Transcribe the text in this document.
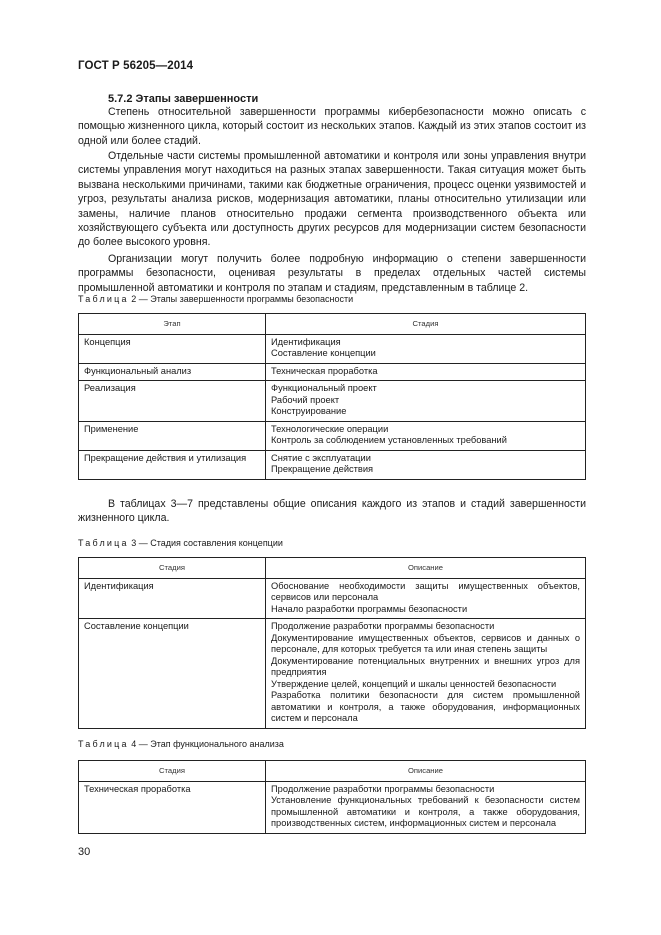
ГОСТ Р 56205—2014
5.7.2 Этапы завершенности

Степень относительной завершенности программы кибербезопасности можно описать с помощью жизненного цикла, который состоит из нескольких этапов. Каждый из этих этапов состоит из одной или более стадий.

Отдельные части системы промышленной автоматики и контроля или зоны управления внутри системы управления могут находиться на разных этапах завершенности. Такая ситуация может быть вызвана несколькими причинами, такими как бюджетные ограничения, процесс оценки уязвимостей и угроз, результаты анализа рисков, модернизация автоматики, планы относительно утилизации или замены, наличие планов относительно продажи сегмента производственного объекта или хозяйствующего субъекта или доступность других ресурсов для модернизации систем безопасности до более высокого уровня.

Организации могут получить более подробную информацию о степени завершенности программы безопасности, оценивая результаты в пределах отдельных частей системы промышленной автоматики и контроля по этапам и стадиям, представленным в таблице 2.

Таблица 2 — Этапы завершенности программы безопасности
Этап	Стадия
Концепция	Идентификация
Составление концепции

Функциональный анализ	Техническая проработка

Реализация	Функциональный проект
Рабочий проект
Конструирование

Применение	Технологические операции
Контроль за соблюдением установленных требований

Прекращение действия и утилизация	Снятие с эксплуатации
Прекращение действия

В таблицах 3—7 представлены общие описания каждого из этапов и стадий завершенности жизненного цикла.

Таблица 3 — Стадия составления концепции
Стадия	Описание
Идентификация	Обоснование необходимости защиты имущественных объектов, сервисов или персонала
Начало разработки программы безопасности

Составление концепции	Продолжение разработки программы безопасности
Документирование имущественных объектов, сервисов и данных о персонале, для которых требуется та или иная степень защиты
Документирование потенциальных внутренних и внешних угроз для предприятия
Утверждение целей, концепций и шкалы ценностей безопасности
Разработка политики безопасности для систем промышленной автоматики и контроля, а также оборудования, информационных систем и персонала
Таблица 4 — Этап функционального анализа
Стадия	Описание
Техническая проработка	Продолжение разработки программы безопасности
Установление функциональных требований к безопасности систем промышленной автоматики и контроля, а также оборудования, производственных систем, информационных систем и персонала
30
